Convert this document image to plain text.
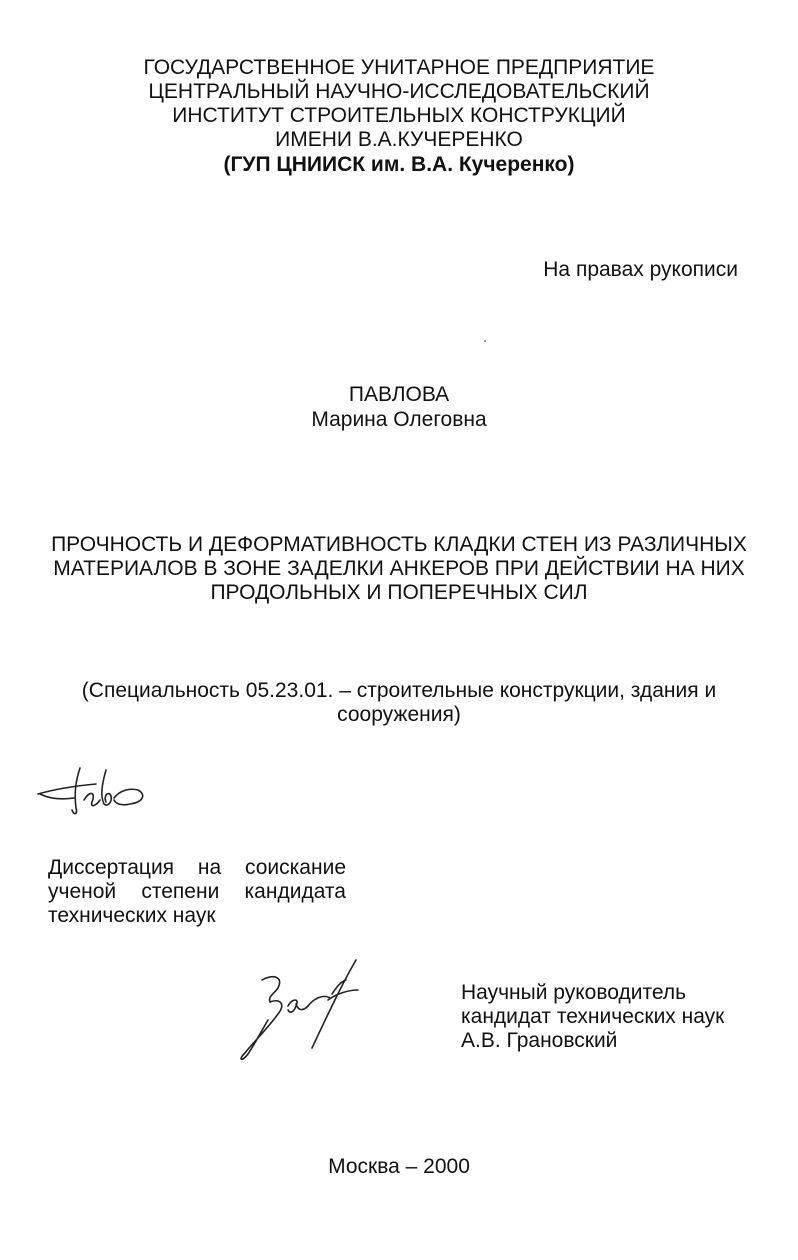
ГОСУДАРСТВЕННОЕ УНИТАРНОЕ ПРЕДПРИЯТИЕ
ЦЕНТРАЛЬНЫЙ НАУЧНО-ИССЛЕДОВАТЕЛЬСКИЙ
ИНСТИТУТ СТРОИТЕЛЬНЫХ КОНСТРУКЦИЙ
ИМЕНИ В.А.КУЧЕРЕНКО
(ГУП ЦНИИСК им. В.А. Кучеренко)
На правах рукописи
ПАВЛОВА
Марина Олеговна
ПРОЧНОСТЬ И ДЕФОРМАТИВНОСТЬ КЛАДКИ СТЕН ИЗ РАЗЛИЧНЫХ
МАТЕРИАЛОВ В ЗОНЕ ЗАДЕЛКИ АНКЕРОВ ПРИ ДЕЙСТВИИ НА НИХ
ПРОДОЛЬНЫХ И ПОПЕРЕЧНЫХ СИЛ
(Специальность 05.23.01. – строительные конструкции, здания и
сооружения)
Диссертация на соискание
ученой степени кандидата
технических наук
Научный руководитель
кандидат технических наук
А.В. Грановский
Москва – 2000
